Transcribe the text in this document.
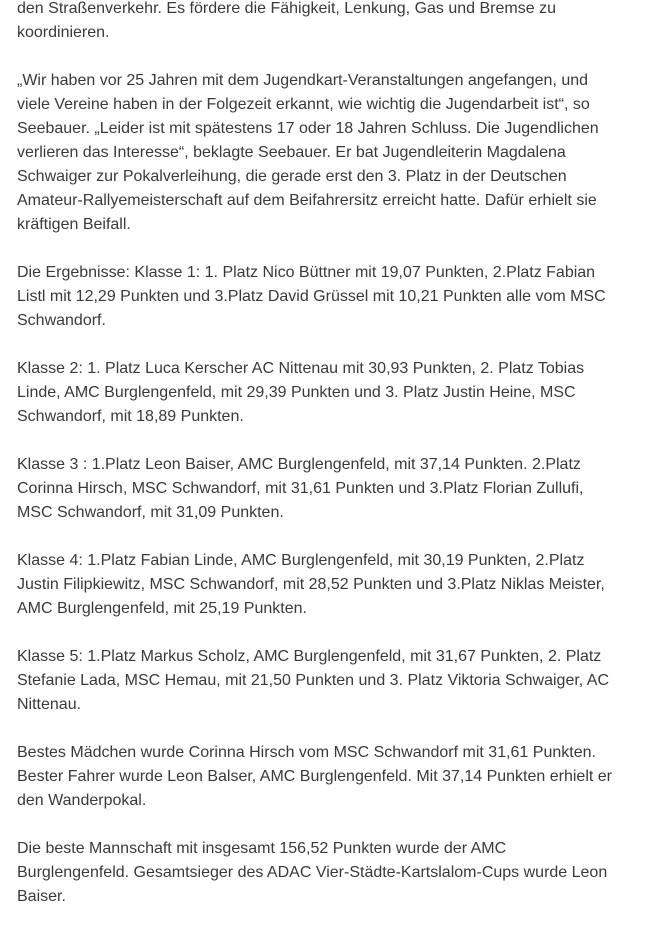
den Straßenverkehr. Es fördere die Fähigkeit, Lenkung, Gas und Bremse zu
koordinieren.

„Wir haben vor 25 Jahren mit dem Jugendkart-Veranstaltungen angefangen, und
viele Vereine haben in der Folgezeit erkannt, wie wichtig die Jugendarbeit ist“, so
Seebauer. „Leider ist mit spätestens 17 oder 18 Jahren Schluss. Die Jugendlichen
verlieren das Interesse“, beklagte Seebauer. Er bat Jugendleiterin Magdalena
Schwaiger zur Pokalverleihung, die gerade erst den 3. Platz in der Deutschen
Amateur-Rallyemeisterschaft auf dem Beifahrersitz erreicht hatte. Dafür erhielt sie
kräftigen Beifall.

Die Ergebnisse: Klasse 1: 1. Platz Nico Büttner mit 19,07 Punkten, 2.Platz Fabian
Listl mit 12,29 Punkten und 3.Platz David Grüssel mit 10,21 Punkten alle vom MSC
Schwandorf.

Klasse 2: 1. Platz Luca Kerscher AC Nittenau mit 30,93 Punkten, 2. Platz Tobias
Linde, AMC Burglengenfeld, mit 29,39 Punkten und 3. Platz Justin Heine, MSC
Schwandorf, mit 18,89 Punkten.

Klasse 3 : 1.Platz Leon Baiser, AMC Burglengenfeld, mit 37,14 Punkten. 2.Platz
Corinna Hirsch, MSC Schwandorf, mit 31,61 Punkten und 3.Platz Florian Zullufi,
MSC Schwandorf, mit 31,09 Punkten.

Klasse 4: 1.Platz Fabian Linde, AMC Burglengenfeld, mit 30,19 Punkten, 2.Platz
Justin Filipkiewitz, MSC Schwandorf, mit 28,52 Punkten und 3.Platz Niklas Meister,
AMC Burglengenfeld, mit 25,19 Punkten.

Klasse 5: 1.Platz Markus Scholz, AMC Burglengenfeld, mit 31,67 Punkten, 2. Platz
Stefanie Lada, MSC Hemau, mit 21,50 Punkten und 3. Platz Viktoria Schwaiger, AC
Nittenau.

Bestes Mädchen wurde Corinna Hirsch vom MSC Schwandorf mit 31,61 Punkten.
Bester Fahrer wurde Leon Balser, AMC Burglengenfeld. Mit 37,14 Punkten erhielt er
den Wanderpokal.

Die beste Mannschaft mit insgesamt 156,52 Punkten wurde der AMC
Burglengenfeld. Gesamtsieger des ADAC Vier-Städte-Kartslalom-Cups wurde Leon
Baiser.
